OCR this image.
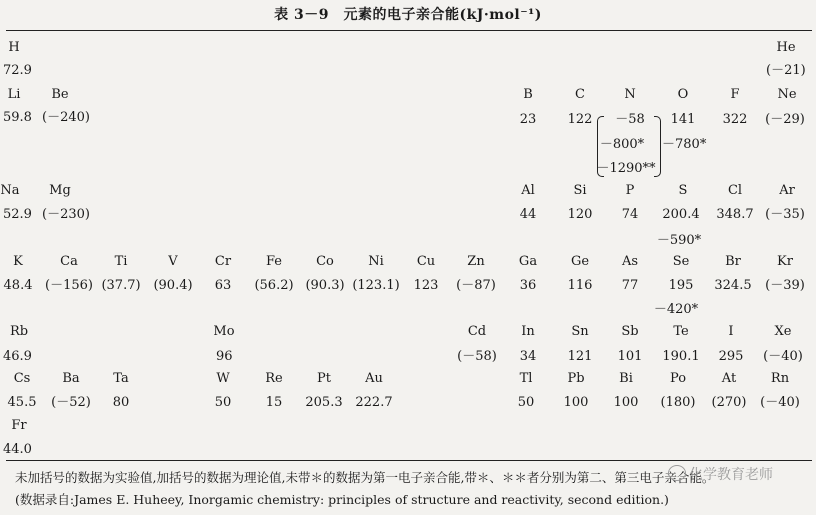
表 3－9　元素的电子亲合能(kJ·mol⁻¹)
H
72.9
He
(－21)
Li
59.8
Be
(－240)
B
23
C
122
N
－58
O
141
F
322
Ne
(－29)
Na
52.9
Mg
(－230)
Al
44
Si
120
P
74
S
200.4
Cl
348.7
Ar
(－35)
K
48.4
Ca
(－156)
Ti
(37.7)
V
(90.4)
Cr
63
Fe
(56.2)
Co
(90.3)
Ni
(123.1)
Cu
123
Zn
(－87)
Ga
36
Ge
116
As
77
Se
195
Br
324.5
Kr
(－39)
Rb
46.9
Mo
96
Cd
(－58)
In
34
Sn
121
Sb
101
Te
190.1
I
295
Xe
(－40)
Cs
45.5
Ba
(－52)
Ta
80
W
50
Re
15
Pt
205.3
Au
222.7
Tl
50
Pb
100
Bi
100
Po
(180)
At
(270)
Rn
(－40)
Fr
44.0
－800*
－1290**
－780*
－590*
－420*
未加括号的数据为实验值,加括号的数据为理论值,未带＊的数据为第一电子亲合能,带＊、＊＊者分别为第二、第三电子亲合能。
(数据录自:James E. Huheey, Inorgamic chemistry: principles of structure and reactivity, second edition.)
化学教育老师
